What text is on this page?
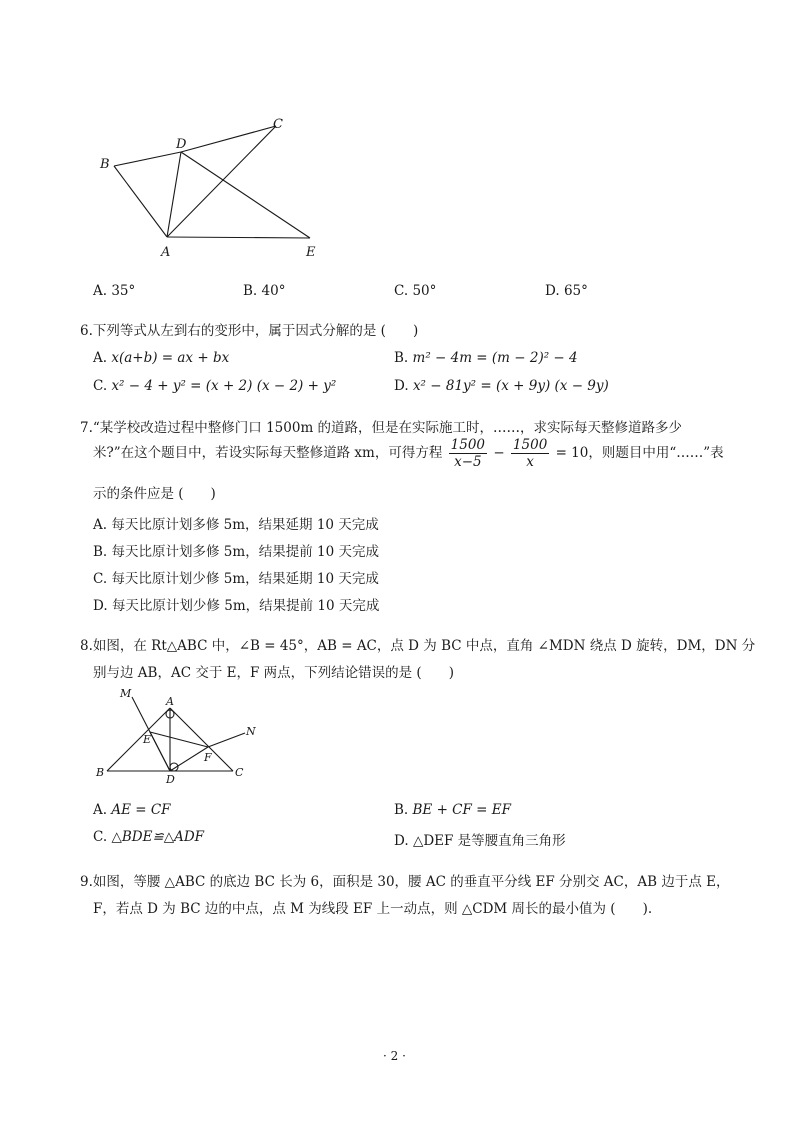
B
D
C
A	E
A. 35°	B. 40°	C. 50°	D. 65°
6.下列等式从左到右的变形中，属于因式分解的是 (　　)
A. x(a+b) = ax + bx	B. m² − 4m = (m − 2)² − 4
C. x² − 4 + y² = (x + 2) (x − 2) + y²	D. x² − 81y² = (x + 9y) (x − 9y)
7.“某学校改造过程中整修门口 1500m 的道路，但是在实际施工时，……，求实际每天整修道路多少
米?”在这个题目中，若设实际每天整修道路 xm，可得方程 $\frac{1500}{x-5} - \frac{1500}{x} = 10$，则题目中用“……”表
示的条件应是 (　　)
A. 每天比原计划多修 5m，结果延期 10 天完成
B. 每天比原计划多修 5m，结果提前 10 天完成
C. 每天比原计划少修 5m，结果延期 10 天完成
D. 每天比原计划少修 5m，结果提前 10 天完成
8.如图，在 Rt△ABC 中，∠B = 45°，AB = AC，点 D 为 BC 中点，直角 ∠MDN 绕点 D 旋转，DM，DN 分
别与边 AB，AC 交于 E，F 两点，下列结论错误的是 (　　)
M
A
N
E
F
B
D
C
A. AE = CF	B. BE + CF = EF
C. △BDE≌△ADF	D. △DEF 是等腰直角三角形
9.如图，等腰 △ABC 的底边 BC 长为 6，面积是 30，腰 AC 的垂直平分线 EF 分别交 AC，AB 边于点 E，
F，若点 D 为 BC 边的中点，点 M 为线段 EF 上一动点，则 △CDM 周长的最小值为 (　　).
· 2 ·
